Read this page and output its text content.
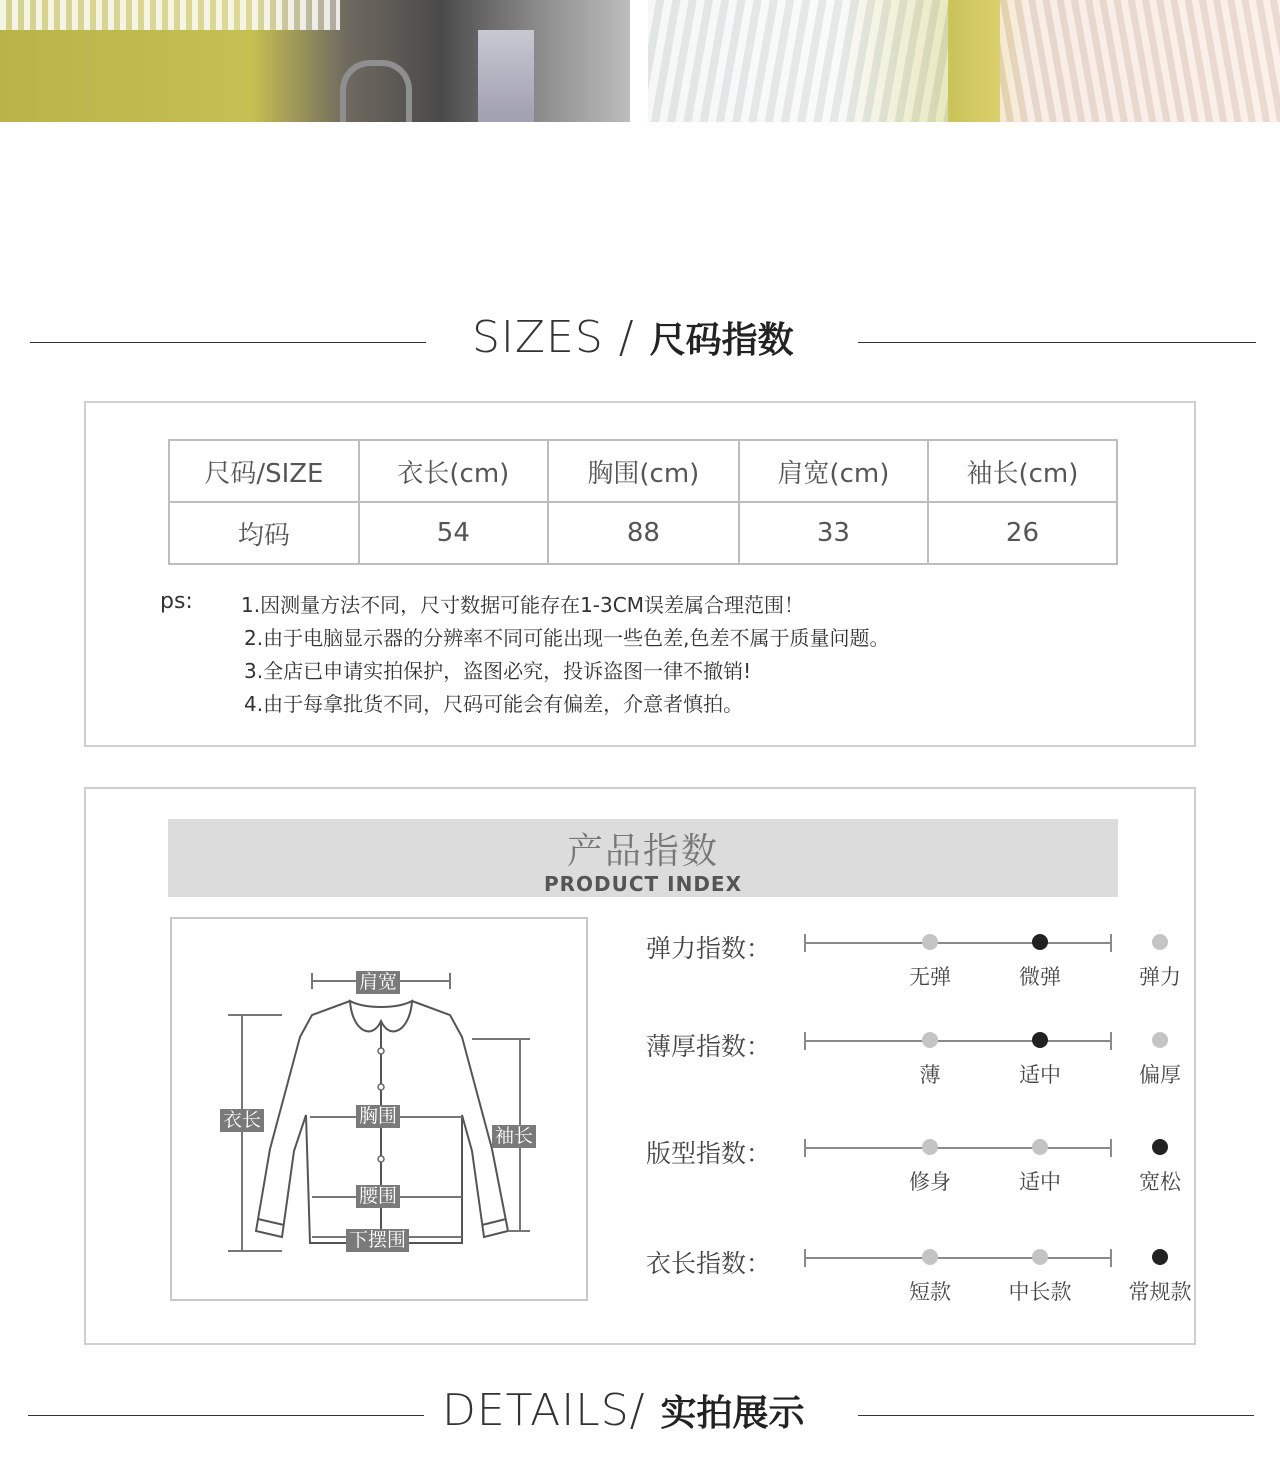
SIZES / 尺码指数
尺码/SIZE	衣长(cm)	胸围(cm)	肩宽(cm)	袖长(cm)
均码	54	88	33	26
ps: 1.因测量方法不同，尺寸数据可能存在1-3CM误差属合理范围！
2.由于电脑显示器的分辨率不同可能出现一些色差,色差不属于质量问题。
3.全店已申请实拍保护，盗图必究，投诉盗图一律不撤销!
4.由于每拿批货不同，尺码可能会有偏差，介意者慎拍。
产品指数
PRODUCT INDEX
肩宽
衣长	胸围
袖长
腰围
下摆围
弹力指数：
无弹	微弹	弹力
薄厚指数：
薄	适中	偏厚
版型指数：
修身	适中	宽松
衣长指数：
短款	中长款	常规款
DETAILS/ 实拍展示
